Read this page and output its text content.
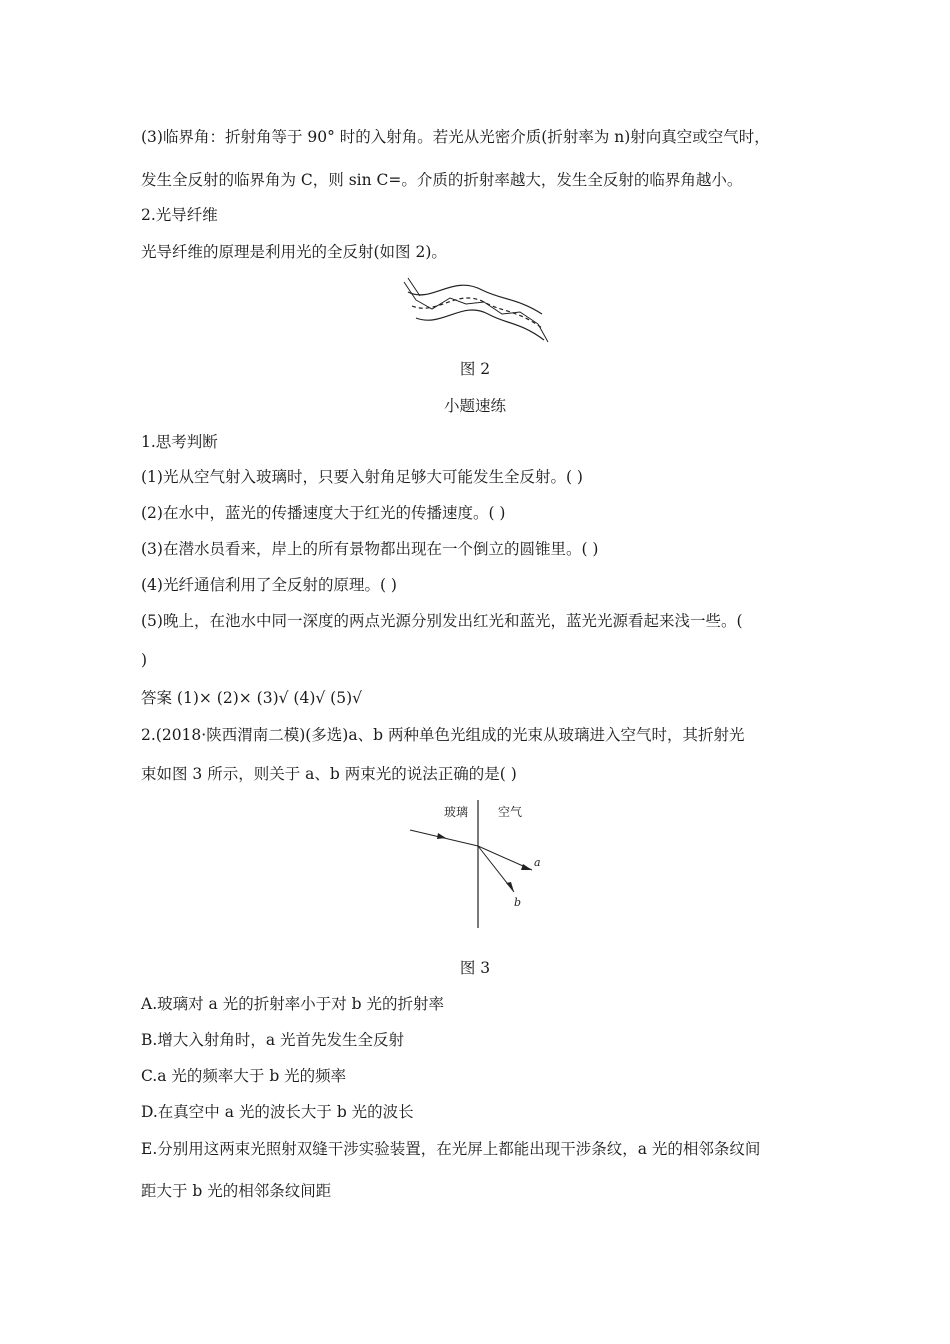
(3)临界角：折射角等于 90° 时的入射角。若光从光密介质(折射率为 n)射向真空或空气时，
发生全反射的临界角为 C，则 sin C=。介质的折射率越大，发生全反射的临界角越小。
2.光导纤维
光导纤维的原理是利用光的全反射(如图 2)。
图 2
小题速练
1.思考判断
(1)光从空气射入玻璃时，只要入射角足够大可能发生全反射。( )
(2)在水中，蓝光的传播速度大于红光的传播速度。( )
(3)在潜水员看来，岸上的所有景物都出现在一个倒立的圆锥里。( )
(4)光纤通信利用了全反射的原理。( )
(5)晚上，在池水中同一深度的两点光源分别发出红光和蓝光，蓝光光源看起来浅一些。(
)
答案 (1)× (2)× (3)√ (4)√ (5)√
2.(2018·陕西渭南二模)(多选)a、b 两种单色光组成的光束从玻璃进入空气时，其折射光
束如图 3 所示，则关于 a、b 两束光的说法正确的是( )
玻璃 空气
a
b
图 3
A.玻璃对 a 光的折射率小于对 b 光的折射率
B.增大入射角时，a 光首先发生全反射
C.a 光的频率大于 b 光的频率
D.在真空中 a 光的波长大于 b 光的波长
E.分别用这两束光照射双缝干涉实验装置，在光屏上都能出现干涉条纹，a 光的相邻条纹间
距大于 b 光的相邻条纹间距
